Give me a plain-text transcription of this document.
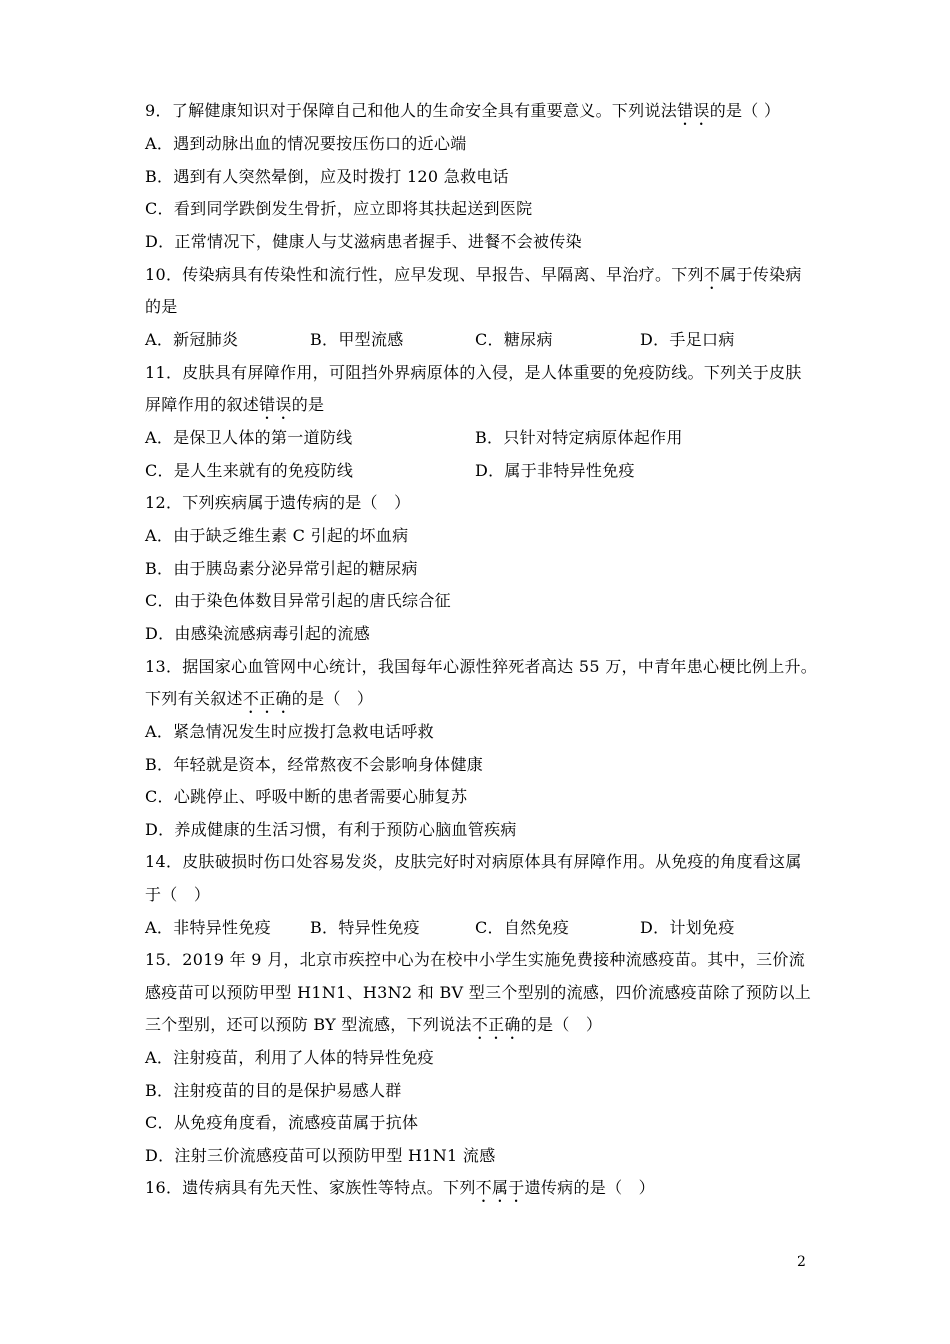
9．了解健康知识对于保障自己和他人的生命安全具有重要意义。下列说法错误的是（ ）
A．遇到动脉出血的情况要按压伤口的近心端
B．遇到有人突然晕倒，应及时拨打 120 急救电话
C．看到同学跌倒发生骨折，应立即将其扶起送到医院
D．正常情况下，健康人与艾滋病患者握手、进餐不会被传染
10．传染病具有传染性和流行性，应早发现、早报告、早隔离、早治疗。下列不属于传染病
的是
A．新冠肺炎	B．甲型流感	C．糖尿病	D．手足口病
11．皮肤具有屏障作用，可阻挡外界病原体的入侵，是人体重要的免疫防线。下列关于皮肤
屏障作用的叙述错误的是
A．是保卫人体的第一道防线	B．只针对特定病原体起作用
C．是人生来就有的免疫防线	D．属于非特异性免疫
12．下列疾病属于遗传病的是（　）
A．由于缺乏维生素 C 引起的坏血病
B．由于胰岛素分泌异常引起的糖尿病
C．由于染色体数目异常引起的唐氏综合征
D．由感染流感病毒引起的流感
13．据国家心血管网中心统计，我国每年心源性猝死者高达 55 万，中青年患心梗比例上升。
下列有关叙述不正确的是（　）
A．紧急情况发生时应拨打急救电话呼救
B．年轻就是资本，经常熬夜不会影响身体健康
C．心跳停止、呼吸中断的患者需要心肺复苏
D．养成健康的生活习惯，有利于预防心脑血管疾病
14．皮肤破损时伤口处容易发炎，皮肤完好时对病原体具有屏障作用。从免疫的角度看这属
于（　）
A．非特异性免疫 B．特异性免疫	C．自然免疫	D．计划免疫
15．2019 年 9 月，北京市疾控中心为在校中小学生实施免费接种流感疫苗。其中，三价流
感疫苗可以预防甲型 H1N1、H3N2 和 BV 型三个型别的流感，四价流感疫苗除了预防以上
三个型别，还可以预防 BY 型流感，下列说法不正确的是（　）
A．注射疫苗，利用了人体的特异性免疫
B．注射疫苗的目的是保护易感人群
C．从免疫角度看，流感疫苗属于抗体
D．注射三价流感疫苗可以预防甲型 H1N1 流感
16．遗传病具有先天性、家族性等特点。下列不属于遗传病的是（　）
2
